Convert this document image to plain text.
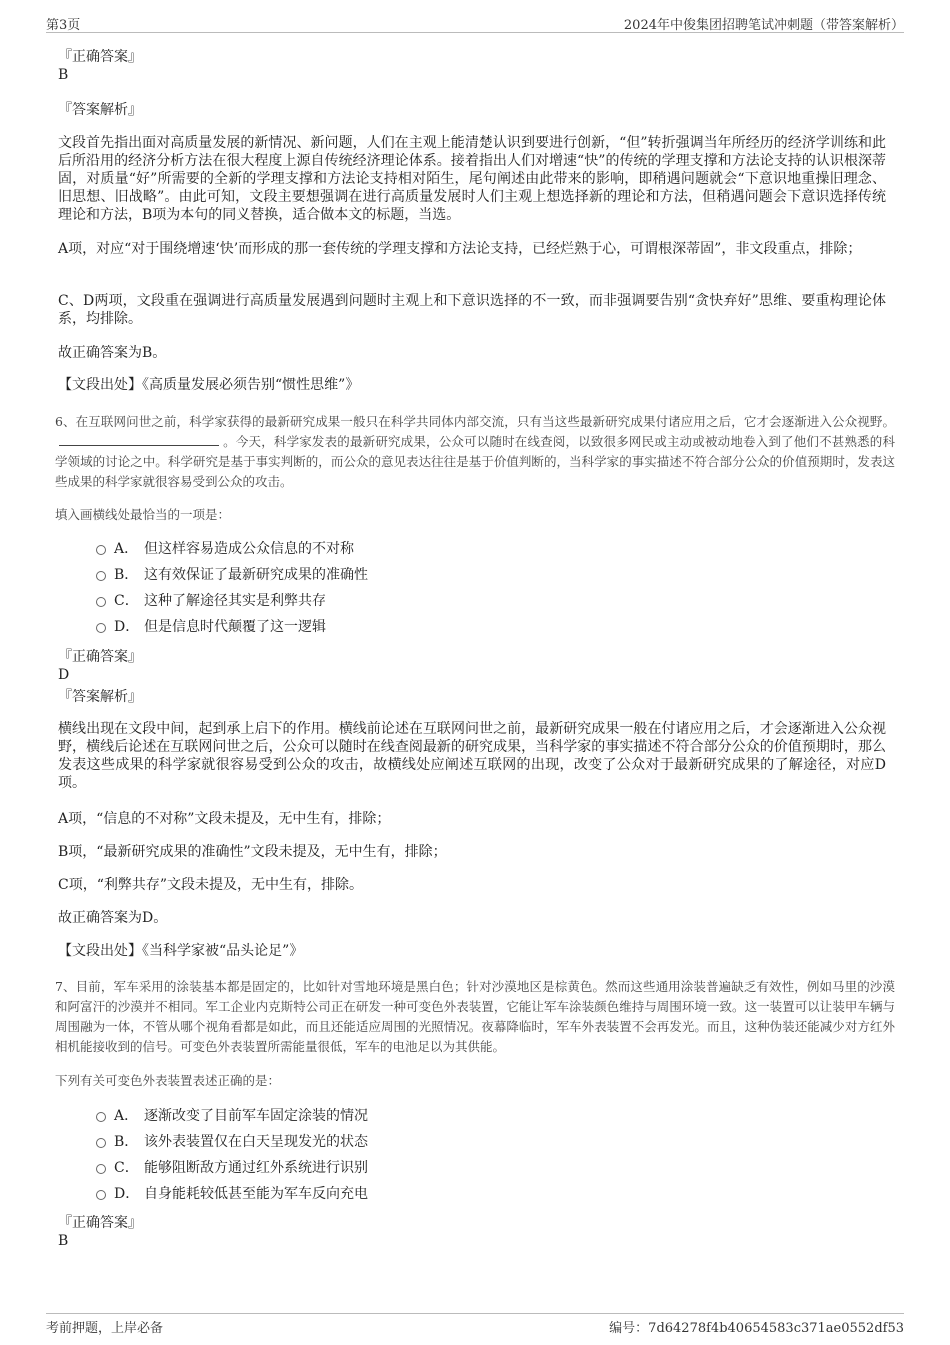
第3页	2024年中俊集团招聘笔试冲刺题（带答案解析）
『正确答案』
B
『答案解析』
文段首先指出面对高质量发展的新情况、新问题，人们在主观上能清楚认识到要进行创新，“但”转折强调当年所经历的经济学训练和此后所沿用的经济分析方法在很大程度上源自传统经济理论体系。接着指出人们对增速“快”的传统的学理支撑和方法论支持的认识根深蒂固，对质量“好”所需要的全新的学理支撑和方法论支持相对陌生，尾句阐述由此带来的影响，即稍遇问题就会“下意识地重操旧理念、旧思想、旧战略”。由此可知，文段主要想强调在进行高质量发展时人们主观上想选择新的理论和方法，但稍遇问题会下意识选择传统理论和方法，B项为本句的同义替换，适合做本文的标题，当选。
A项，对应“对于围绕增速‘快’而形成的那一套传统的学理支撑和方法论支持，已经烂熟于心，可谓根深蒂固”，非文段重点，排除；
C、D两项，文段重在强调进行高质量发展遇到问题时主观上和下意识选择的不一致，而非强调要告别“贪快弃好”思维、要重构理论体系，均排除。
故正确答案为B。
【文段出处】《高质量发展必须告别“惯性思维”》
6、在互联网问世之前，科学家获得的最新研究成果一般只在科学共同体内部交流，只有当这些最新研究成果付诸应用之后，它才会逐渐进入公众视野。。今天，科学家发表的最新研究成果，公众可以随时在线查阅，以致很多网民或主动或被动地卷入到了他们不甚熟悉的科学领域的讨论之中。科学研究是基于事实判断的，而公众的意见表达往往是基于价值判断的，当科学家的事实描述不符合部分公众的价值预期时，发表这些成果的科学家就很容易受到公众的攻击。
填入画横线处最恰当的一项是：
A． 但这样容易造成公众信息的不对称
B． 这有效保证了最新研究成果的准确性
C． 这种了解途径其实是利弊共存
D． 但是信息时代颠覆了这一逻辑
『正确答案』
D
『答案解析』
横线出现在文段中间，起到承上启下的作用。横线前论述在互联网问世之前，最新研究成果一般在付诸应用之后，才会逐渐进入公众视野，横线后论述在互联网问世之后，公众可以随时在线查阅最新的研究成果，当科学家的事实描述不符合部分公众的价值预期时，那么发表这些成果的科学家就很容易受到公众的攻击，故横线处应阐述互联网的出现，改变了公众对于最新研究成果的了解途径，对应D项。
A项，“信息的不对称”文段未提及，无中生有，排除；
B项，“最新研究成果的准确性”文段未提及，无中生有，排除；
C项，“利弊共存”文段未提及，无中生有，排除。
故正确答案为D。
【文段出处】《当科学家被“品头论足”》
7、目前，军车采用的涂装基本都是固定的，比如针对雪地环境是黑白色；针对沙漠地区是棕黄色。然而这些通用涂装普遍缺乏有效性，例如马里的沙漠和阿富汗的沙漠并不相同。军工企业内克斯特公司正在研发一种可变色外表装置，它能让军车涂装颜色维持与周围环境一致。这一装置可以让装甲车辆与周围融为一体，不管从哪个视角看都是如此，而且还能适应周围的光照情况。夜幕降临时，军车外表装置不会再发光。而且，这种伪装还能减少对方红外相机能接收到的信号。可变色外表装置所需能量很低，军车的电池足以为其供能。
下列有关可变色外表装置表述正确的是：
A． 逐渐改变了目前军车固定涂装的情况
B． 该外表装置仅在白天呈现发光的状态
C． 能够阻断敌方通过红外系统进行识别
D． 自身能耗较低甚至能为军车反向充电
『正确答案』
B
考前押题，上岸必备	编号：7d64278f4b40654583c371ae0552df53
